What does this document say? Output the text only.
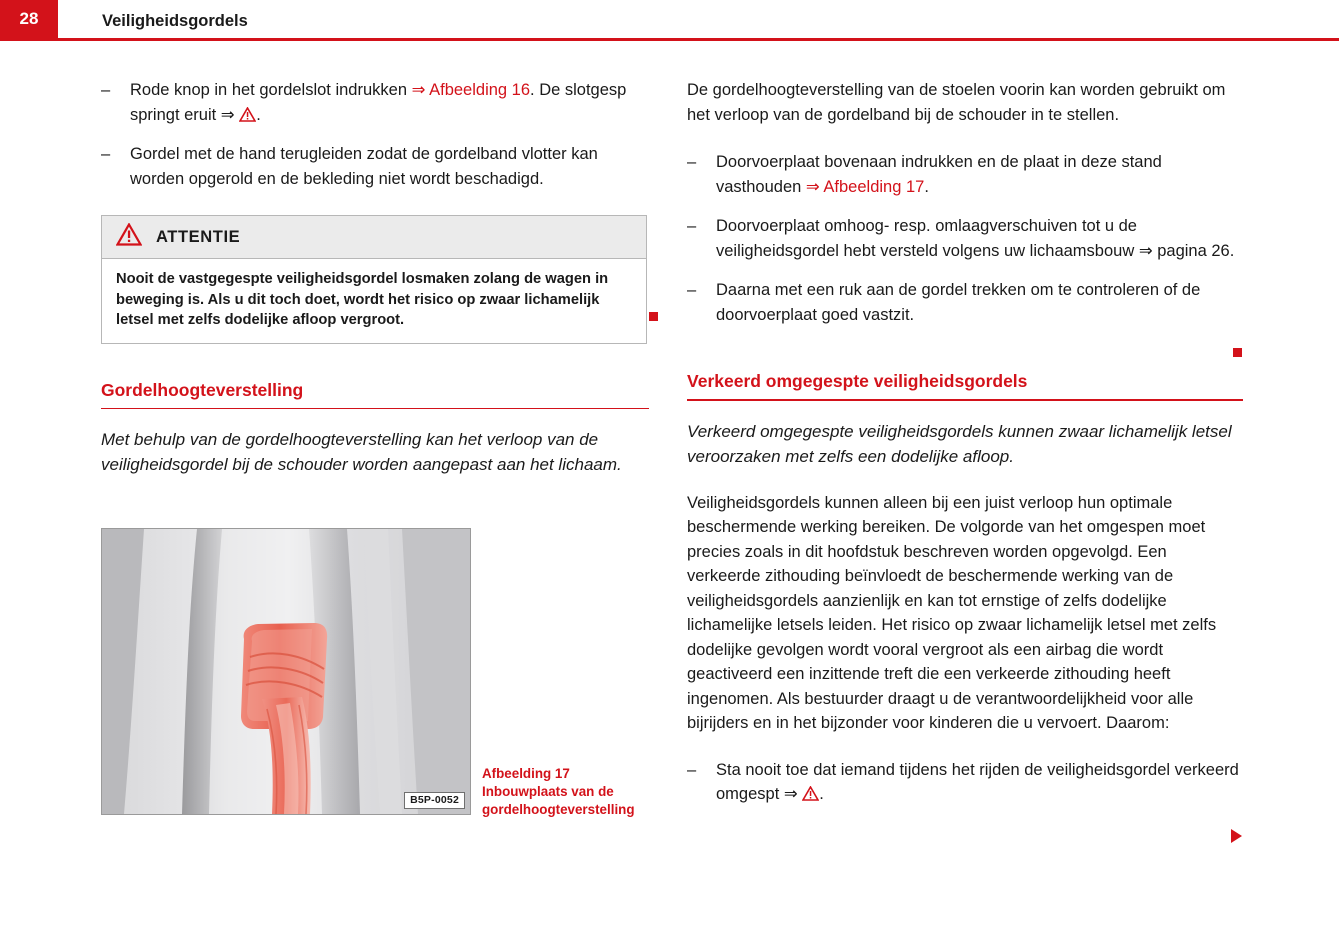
28	Veiligheidsgordels
– Rode knop in het gordelslot indrukken ⇒ Afbeelding 16. De slotgesp springt eruit ⇒ .
– Gordel met de hand terugleiden zodat de gordelband vlotter kan worden opgerold en de bekleding niet wordt beschadigd.
ATTENTIE
Nooit de vastgegespte veiligheidsgordel losmaken zolang de wagen in beweging is. Als u dit toch doet, wordt het risico op zwaar lichamelijk letsel met zelfs dodelijke afloop vergroot.
Gordelhoogteverstelling

Met behulp van de gordelhoogteverstelling kan het verloop van de veiligheidsgordel bij de schouder worden aangepast aan het lichaam.

B5P-0052
Afbeelding 17 Inbouwplaats van de gordelhoogteverstelling

De gordelhoogteverstelling van de stoelen voorin kan worden gebruikt om het verloop van de gordelband bij de schouder in te stellen.

– Doorvoerplaat bovenaan indrukken en de plaat in deze stand vasthouden ⇒ Afbeelding 17.
– Doorvoerplaat omhoog- resp. omlaagverschuiven tot u de veiligheidsgordel hebt versteld volgens uw lichaamsbouw ⇒ pagina 26.
– Daarna met een ruk aan de gordel trekken om te controleren of de doorvoerplaat goed vastzit.
Verkeerd omgegespte veiligheidsgordels

Verkeerd omgegespte veiligheidsgordels kunnen zwaar lichamelijk letsel veroorzaken met zelfs een dodelijke afloop.

Veiligheidsgordels kunnen alleen bij een juist verloop hun optimale beschermende werking bereiken. De volgorde van het omgespen moet precies zoals in dit hoofdstuk beschreven worden opgevolgd. Een verkeerde zithouding beïnvloedt de beschermende werking van de veiligheidsgordels aanzienlijk en kan tot ernstige of zelfs dodelijke lichamelijke letsels leiden. Het risico op zwaar lichamelijk letsel met zelfs dodelijke gevolgen wordt vooral vergroot als een airbag die wordt geactiveerd een inzittende treft die een verkeerde zithouding heeft ingenomen. Als bestuurder draagt u de verantwoordelijkheid voor alle bijrijders en in het bijzonder voor kinderen die u vervoert. Daarom:

– Sta nooit toe dat iemand tijdens het rijden de veiligheidsgordel verkeerd omgespt ⇒ .
